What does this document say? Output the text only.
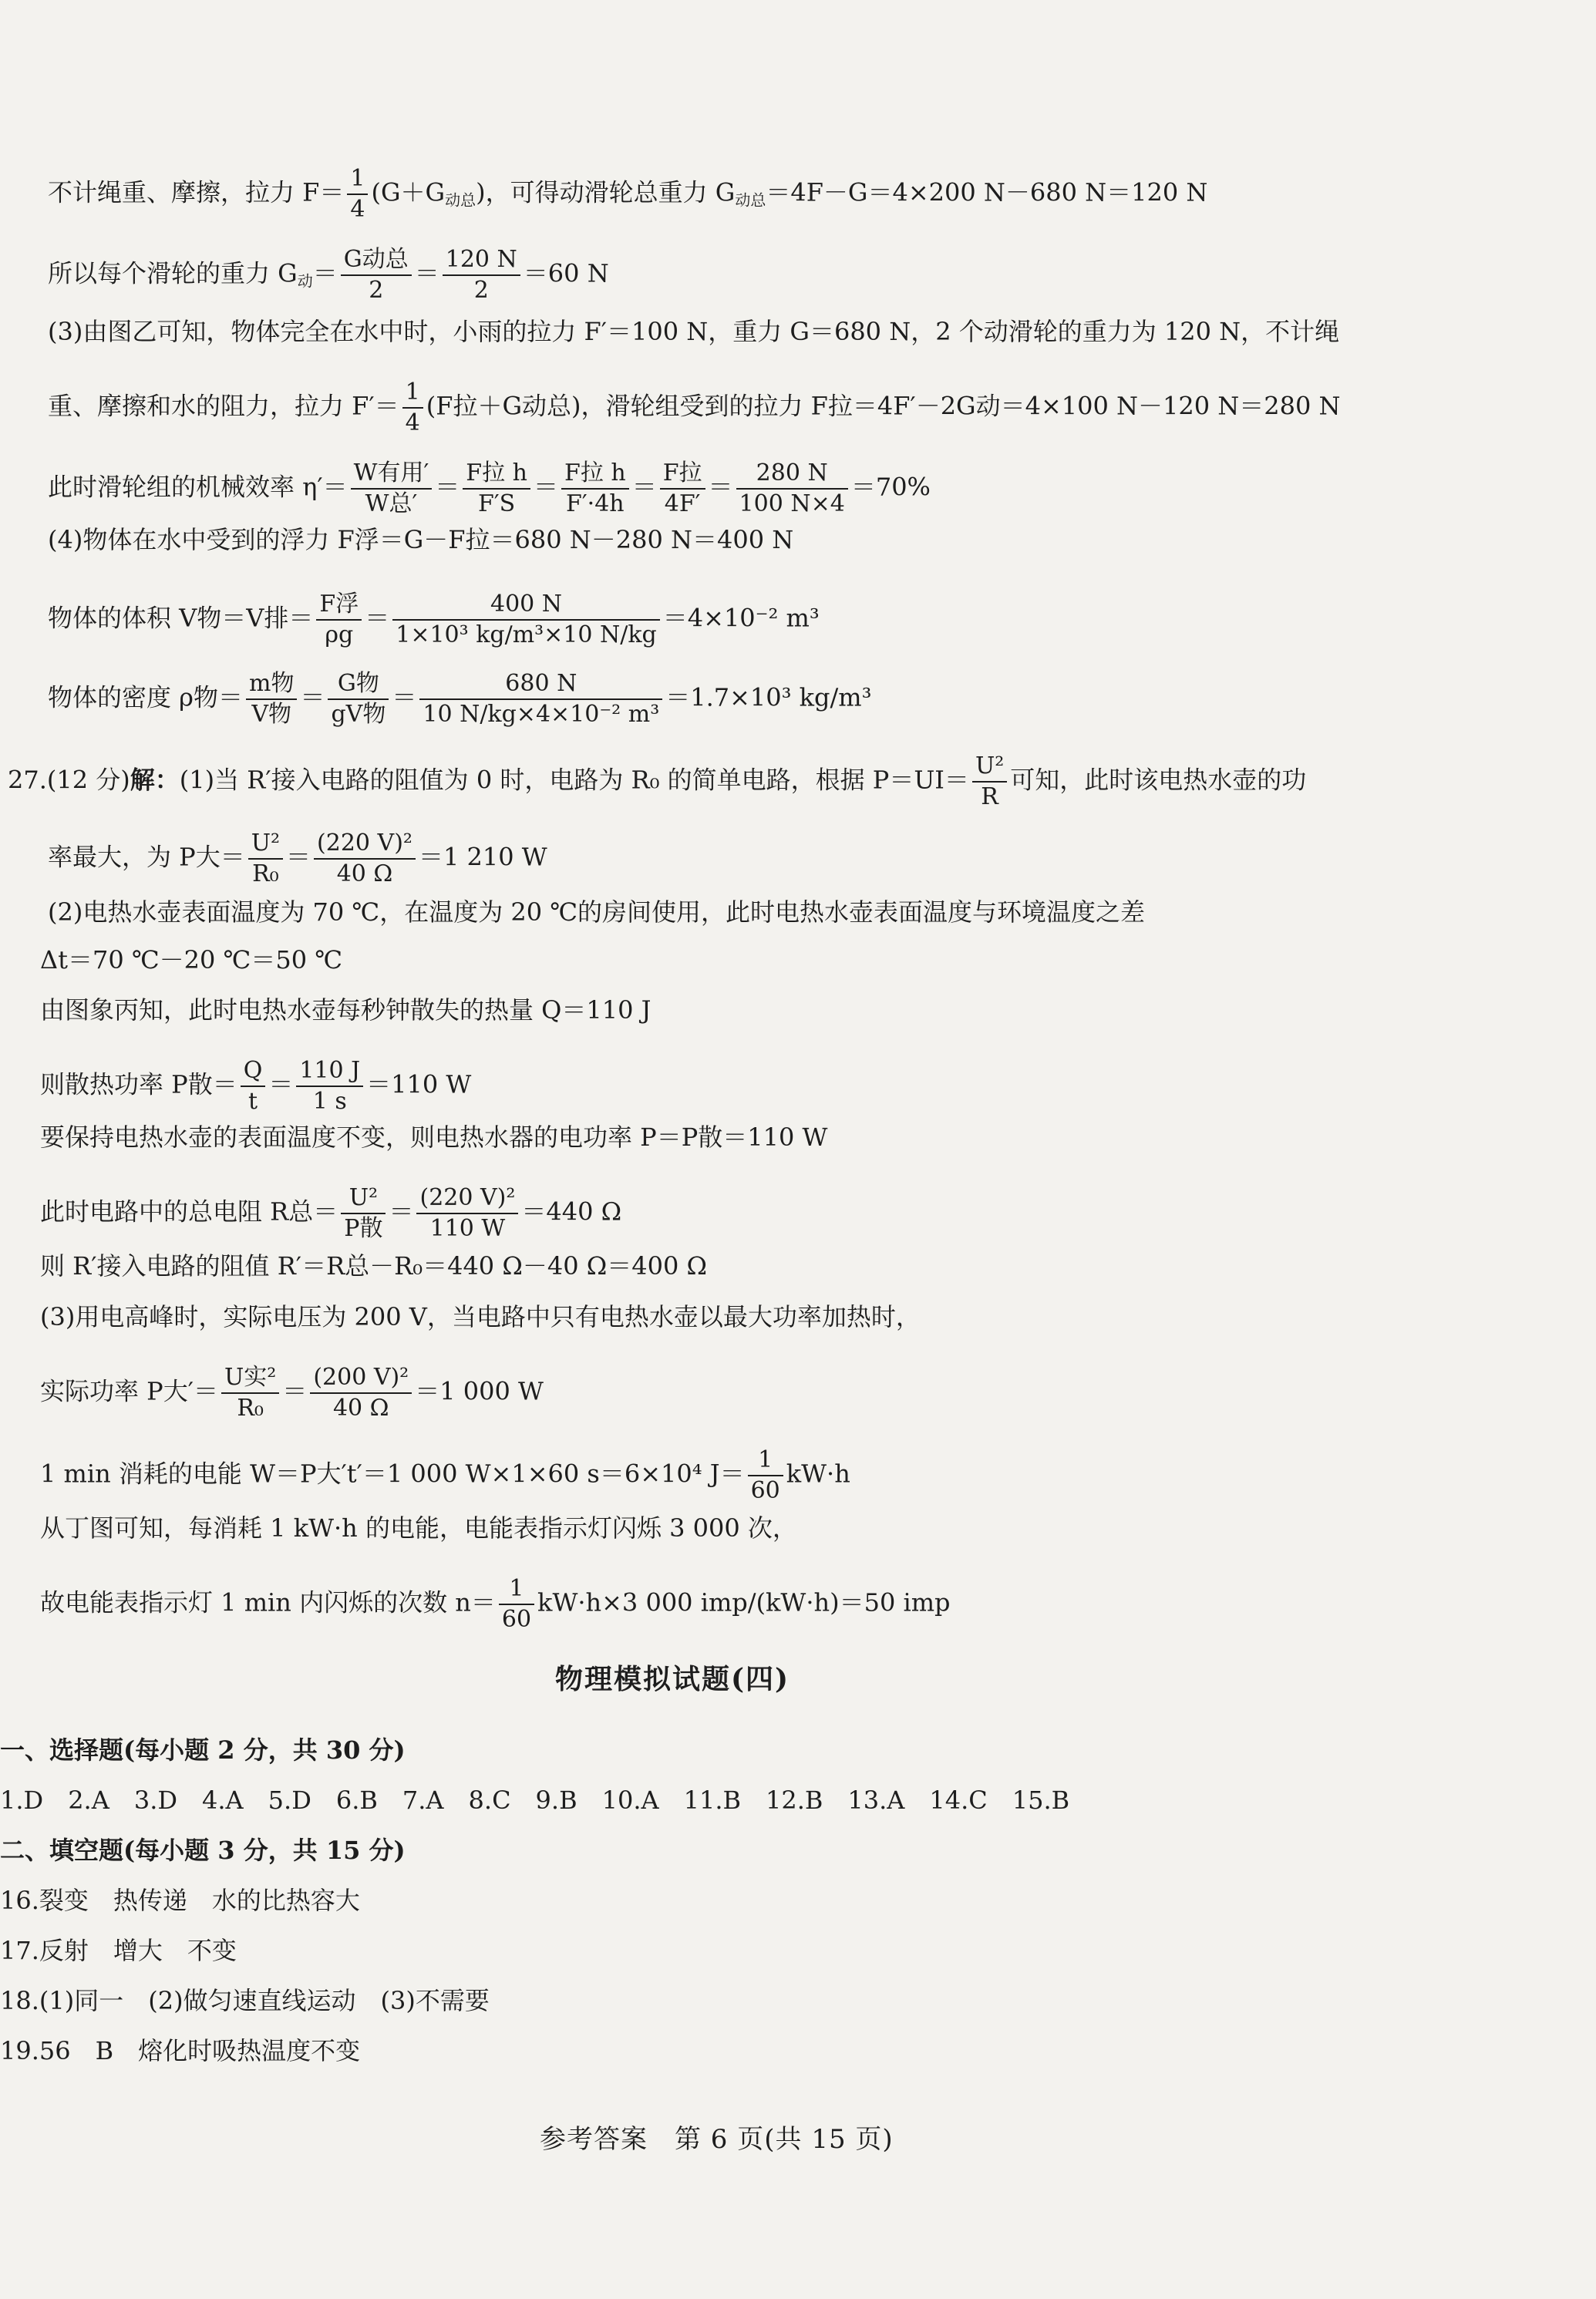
不计绳重、摩擦，拉力 $F= \frac{1}{4} (G+G_{动总})$，可得动滑轮总重力 $G_{动总}=4F-G=4\times 200$ N－680 N＝120 N
所以每个滑轮的重力 $G_动= \frac{\text{G动总}}{2} = \frac{120 N}{2} =60$ N
(3)由图乙可知，物体完全在水中时，小雨的拉力 F′＝100 N，重力 G＝680 N，2 个动滑轮的重力为 120 N，不计绳
重、摩擦和水的阻力，拉力 $F'= \frac{1}{4} (F$拉＋G动总)，滑轮组受到的拉力 F拉＝4F′－2G动＝4×100 N－120 N＝280 N
此时滑轮组的机械效率 $\eta'= \frac{\text{W有用′}}{\text{W总′}} = \frac{\text{F拉 h}}{F'S} = \frac{\text{F拉 h}}{F'\cdot 4h} = \frac{\text{F拉}}{4F'} = \frac{280 N}{100 N\times 4} =70\%$
(4)物体在水中受到的浮力 F浮＝G－F拉＝680 N－280 N＝400 N
物体的体积 V物＝V排＝ $\frac{\text{F浮}}{\rho g} = \frac{400 N}{\text{1×10³ kg/m³×10 N/kg}} =4\times 10^{-2}$ m³
物体的密度 ρ物＝ $\frac{\text{m物}}{\text{V物}} = \frac{\text{G物}}{\text{gV物}} = \frac{680 N}{\text{10 N/kg×4×10⁻² m³}} =1.7\times 10^3$ kg/m³
27.(12 分)解：(1)当 R′接入电路的阻值为 0 时，电路为 R₀ 的简单电路，根据 $P=UI= \frac{\text{U²}}{R}$ 可知，此时该电热水壶的功
率最大，为 P大＝ $\frac{\text{U²}}{\text{R₀}} = \frac{\text{(220 V)²}}{40 \Omega} =1$ 210 W
(2)电热水壶表面温度为 70 ℃，在温度为 20 ℃的房间使用，此时电热水壶表面温度与环境温度之差
Δt＝70 ℃－20 ℃＝50 ℃
由图象丙知，此时电热水壶每秒钟散失的热量 Q＝110 J
则散热功率 P散＝ $\frac{Q}{t} = \frac{110 J}{1 s} =110$ W
要保持电热水壶的表面温度不变，则电热水器的电功率 P＝P散＝110 W
此时电路中的总电阻 R总＝ $\frac{\text{U²}}{\text{P散}} = \frac{\text{(220 V)²}}{110 W} =440$ Ω
则 R′接入电路的阻值 R′＝R总－R₀＝440 Ω－40 Ω＝400 Ω
(3)用电高峰时，实际电压为 200 V，当电路中只有电热水壶以最大功率加热时，
实际功率 P大′＝ $\frac{\text{U实²}}{\text{R₀}} = \frac{\text{(200 V)²}}{40 \Omega} =1$ 000 W
1 min 消耗的电能 W＝P大′t′＝1 000 W×1×60 s＝6×10⁴ $J= \frac{1}{60} kW\cdot h$
从丁图可知，每消耗 1 kW·h 的电能，电能表指示灯闪烁 3 000 次，
故电能表指示灯 1 min 内闪烁的次数 $n= \frac{1}{60} kW\cdot h\times 3$ 000 imp/(kW·h)＝50 imp
物理模拟试题(四)
一、选择题(每小题 2 分，共 30 分)
1.D　2.A　3.D　4.A　5.D　6.B　7.A　8.C　9.B　10.A　11.B　12.B　13.A　14.C　15.B
二、填空题(每小题 3 分，共 15 分)
16.裂变　热传递　水的比热容大
17.反射　增大　不变
18.(1)同一　(2)做匀速直线运动　(3)不需要
19.56　B　熔化时吸热温度不变
参考答案　第 6 页(共 15 页)
